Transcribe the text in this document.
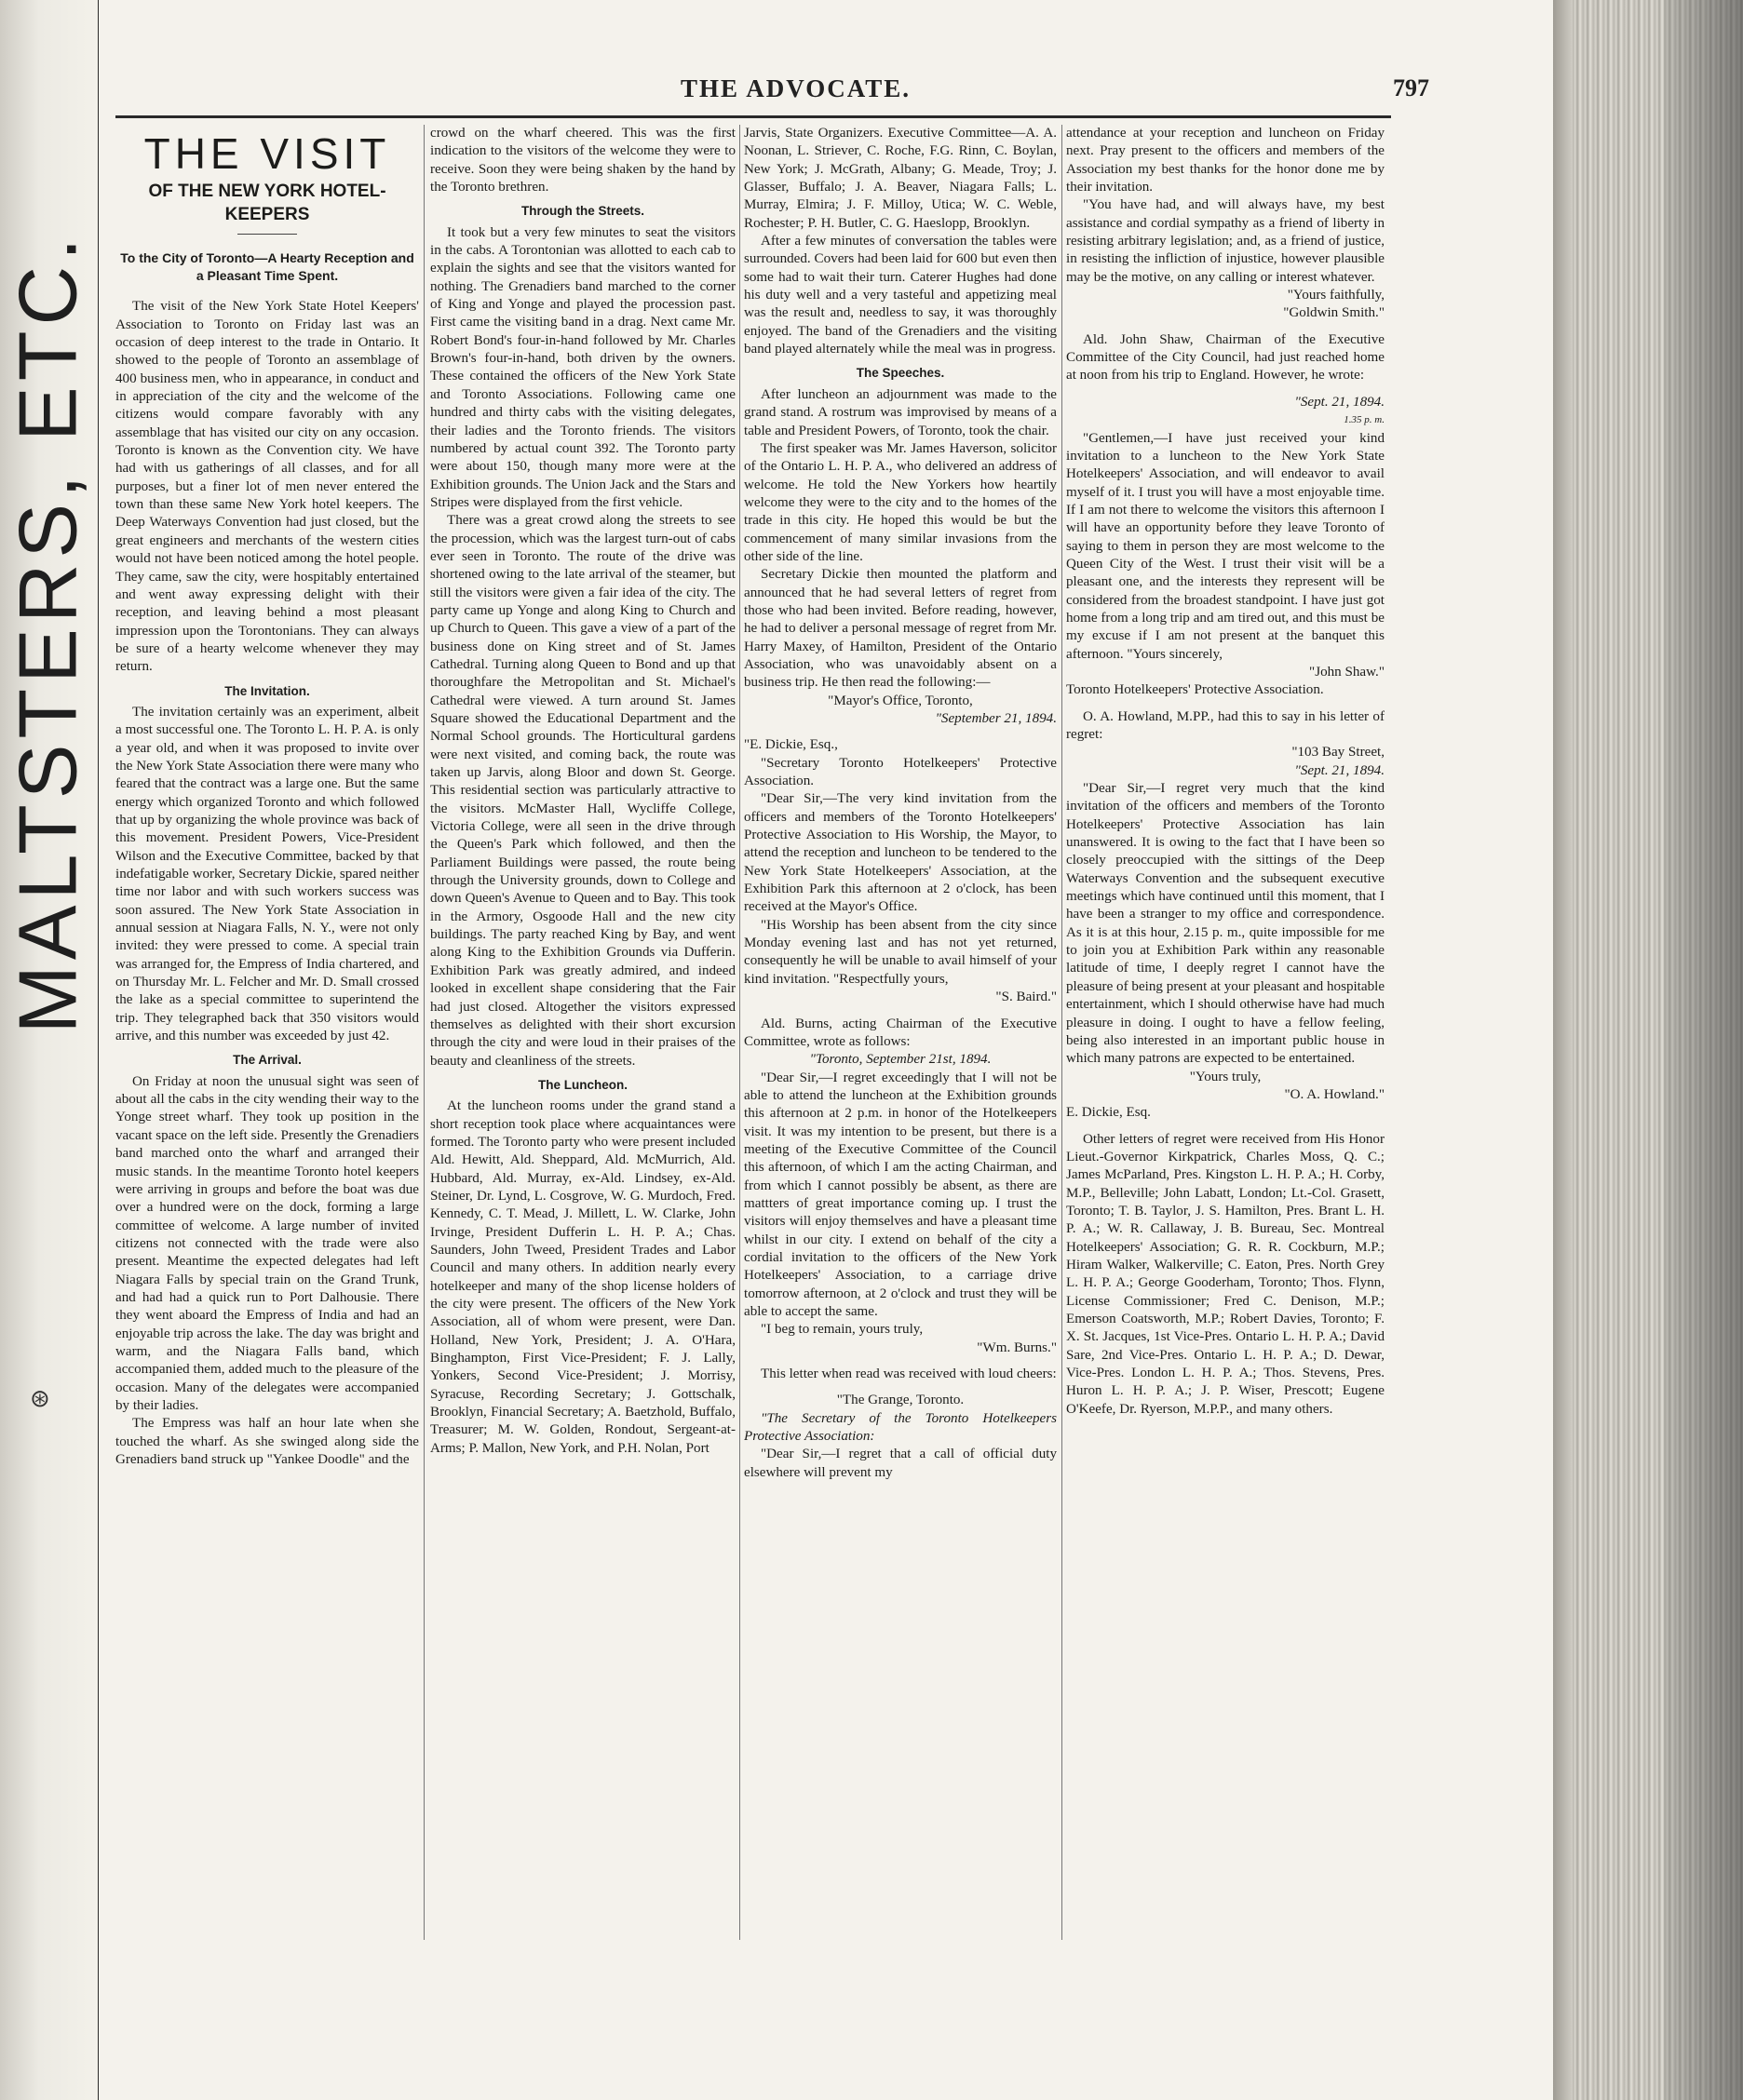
MALTSTERS, ETC.
⊛
THE ADVOCATE.	797
THE VISIT
OF THE NEW YORK HOTEL-KEEPERS
To the City of Toronto—A Hearty Reception and a Pleasant Time Spent.

The visit of the New York State Hotel Keepers' Association to Toronto on Friday last was an occasion of deep interest to the trade in Ontario. It showed to the people of Toronto an assemblage of 400 business men, who in appearance, in conduct and in appreciation of the city and the welcome of the citizens would compare favorably with any assemblage that has visited our city on any occasion. Toronto is known as the Convention city. We have had with us gatherings of all classes, and for all purposes, but a finer lot of men never entered the town than these same New York hotel keepers. The Deep Waterways Convention had just closed, but the great engineers and merchants of the western cities would not have been noticed among the hotel people. They came, saw the city, were hospitably entertained and went away expressing delight with their reception, and leaving behind a most pleasant impression upon the Torontonians. They can always be sure of a hearty welcome whenever they may return.

The Invitation.

The invitation certainly was an experiment, albeit a most successful one. The Toronto L. H. P. A. is only a year old, and when it was proposed to invite over the New York State Association there were many who feared that the contract was a large one. But the same energy which organized Toronto and which followed that up by organizing the whole province was back of this movement. President Powers, Vice-President Wilson and the Executive Committee, backed by that indefatigable worker, Secretary Dickie, spared neither time nor labor and with such workers success was soon assured. The New York State Association in annual session at Niagara Falls, N. Y., were not only invited: they were pressed to come. A special train was arranged for, the Empress of India chartered, and on Thursday Mr. L. Felcher and Mr. D. Small crossed the lake as a special committee to superintend the trip. They telegraphed back that 350 visitors would arrive, and this number was exceeded by just 42.

The Arrival.

On Friday at noon the unusual sight was seen of about all the cabs in the city wending their way to the Yonge street wharf. They took up position in the vacant space on the left side. Presently the Grenadiers band marched onto the wharf and arranged their music stands. In the meantime Toronto hotel keepers were arriving in groups and before the boat was due over a hundred were on the dock, forming a large committee of welcome. A large number of invited citizens not connected with the trade were also present. Meantime the expected delegates had left Niagara Falls by special train on the Grand Trunk, and had had a quick run to Port Dalhousie. There they went aboard the Empress of India and had an enjoyable trip across the lake. The day was bright and warm, and the Niagara Falls band, which accompanied them, added much to the pleasure of the occasion. Many of the delegates were accompanied by their ladies.

The Empress was half an hour late when she touched the wharf. As she swinged along side the Grenadiers band struck up "Yankee Doodle" and the

crowd on the wharf cheered. This was the first indication to the visitors of the welcome they were to receive. Soon they were being shaken by the hand by the Toronto brethren.

Through the Streets.

It took but a very few minutes to seat the visitors in the cabs. A Torontonian was allotted to each cab to explain the sights and see that the visitors wanted for nothing. The Grenadiers band marched to the corner of King and Yonge and played the procession past. First came the visiting band in a drag. Next came Mr. Robert Bond's four-in-hand followed by Mr. Charles Brown's four-in-hand, both driven by the owners. These contained the officers of the New York State and Toronto Associations. Following came one hundred and thirty cabs with the visiting delegates, their ladies and the Toronto friends. The visitors numbered by actual count 392. The Toronto party were about 150, though many more were at the Exhibition grounds. The Union Jack and the Stars and Stripes were displayed from the first vehicle.

There was a great crowd along the streets to see the procession, which was the largest turn-out of cabs ever seen in Toronto. The route of the drive was shortened owing to the late arrival of the steamer, but still the visitors were given a fair idea of the city. The party came up Yonge and along King to Church and up Church to Queen. This gave a view of a part of the business done on King street and of St. James Cathedral. Turning along Queen to Bond and up that thoroughfare the Metropolitan and St. Michael's Cathedral were viewed. A turn around St. James Square showed the Educational Department and the Normal School grounds. The Horticultural gardens were next visited, and coming back, the route was taken up Jarvis, along Bloor and down St. George. This residential section was particularly attractive to the visitors. McMaster Hall, Wycliffe College, Victoria College, were all seen in the drive through the Queen's Park which followed, and then the Parliament Buildings were passed, the route being through the University grounds, down to College and down Queen's Avenue to Queen and to Bay. This took in the Armory, Osgoode Hall and the new city buildings. The party reached King by Bay, and went along King to the Exhibition Grounds via Dufferin. Exhibition Park was greatly admired, and indeed looked in excellent shape considering that the Fair had just closed. Altogether the visitors expressed themselves as delighted with their short excursion through the city and were loud in their praises of the beauty and cleanliness of the streets.

The Luncheon.

At the luncheon rooms under the grand stand a short reception took place where acquaintances were formed. The Toronto party who were present included Ald. Hewitt, Ald. Sheppard, Ald. McMurrich, Ald. Hubbard, Ald. Murray, ex-Ald. Lindsey, ex-Ald. Steiner, Dr. Lynd, L. Cosgrove, W. G. Murdoch, Fred. Kennedy, C. T. Mead, J. Millett, L. W. Clarke, John Irvinge, President Dufferin L. H. P. A.; Chas. Saunders, John Tweed, President Trades and Labor Council and many others. In addition nearly every hotelkeeper and many of the shop license holders of the city were present. The officers of the New York Association, all of whom were present, were Dan. Holland, New York, President; J. A. O'Hara, Binghampton, First Vice-President; F. J. Lally, Yonkers, Second Vice-President; J. Morrisy, Syracuse, Recording Secretary; J. Gottschalk, Brooklyn, Financial Secretary; A. Baetzhold, Buffalo, Treasurer; M. W. Golden, Rondout, Sergeant-at-Arms; P. Mallon, New York, and P.H. Nolan, Port

Jarvis, State Organizers. Executive Committee—A. A. Noonan, L. Striever, C. Roche, F.G. Rinn, C. Boylan, New York; J. McGrath, Albany; G. Meade, Troy; J. Glasser, Buffalo; J. A. Beaver, Niagara Falls; L. Murray, Elmira; J. F. Milloy, Utica; W. C. Weble, Rochester; P. H. Butler, C. G. Haeslopp, Brooklyn.

After a few minutes of conversation the tables were surrounded. Covers had been laid for 600 but even then some had to wait their turn. Caterer Hughes had done his duty well and a very tasteful and appetizing meal was the result and, needless to say, it was thoroughly enjoyed. The band of the Grenadiers and the visiting band played alternately while the meal was in progress.

The Speeches.

After luncheon an adjournment was made to the grand stand. A rostrum was improvised by means of a table and President Powers, of Toronto, took the chair.

The first speaker was Mr. James Haverson, solicitor of the Ontario L. H. P. A., who delivered an address of welcome. He told the New Yorkers how heartily welcome they were to the city and to the homes of the trade in this city. He hoped this would be but the commencement of many similar invasions from the other side of the line.

Secretary Dickie then mounted the platform and announced that he had several letters of regret from those who had been invited. Before reading, however, he had to deliver a personal message of regret from Mr. Harry Maxey, of Hamilton, President of the Ontario Association, who was unavoidably absent on a business trip. He then read the following:—

"Mayor's Office, Toronto,

"September 21, 1894.

"E. Dickie, Esq.,

"Secretary Toronto Hotelkeepers' Protective Association.

"Dear Sir,—The very kind invitation from the officers and members of the Toronto Hotelkeepers' Protective Association to His Worship, the Mayor, to attend the reception and luncheon to be tendered to the New York State Hotelkeepers' Association, at the Exhibition Park this afternoon at 2 o'clock, has been received at the Mayor's Office.

"His Worship has been absent from the city since Monday evening last and has not yet returned, consequently he will be unable to avail himself of your kind invitation. "Respectfully yours,

"S. Baird."

Ald. Burns, acting Chairman of the Executive Committee, wrote as follows:

"Toronto, September 21st, 1894.

"Dear Sir,—I regret exceedingly that I will not be able to attend the luncheon at the Exhibition grounds this afternoon at 2 p.m. in honor of the Hotelkeepers visit. It was my intention to be present, but there is a meeting of the Executive Committee of the Council this afternoon, of which I am the acting Chairman, and from which I cannot possibly be absent, as there are mattters of great importance coming up. I trust the visitors will enjoy themselves and have a pleasant time whilst in our city. I extend on behalf of the city a cordial invitation to the officers of the New York Hotelkeepers' Association, to a carriage drive tomorrow afternoon, at 2 o'clock and trust they will be able to accept the same.

"I beg to remain, yours truly,

"Wm. Burns."

This letter when read was received with loud cheers:

"The Grange, Toronto.

"The Secretary of the Toronto Hotelkeepers Protective Association:

"Dear Sir,—I regret that a call of official duty elsewhere will prevent my

attendance at your reception and luncheon on Friday next. Pray present to the officers and members of the Association my best thanks for the honor done me by their invitation.

"You have had, and will always have, my best assistance and cordial sympathy as a friend of liberty in resisting arbitrary legislation; and, as a friend of justice, in resisting the infliction of injustice, however plausible may be the motive, on any calling or interest whatever.

"Yours faithfully,

"Goldwin Smith."

Ald. John Shaw, Chairman of the Executive Committee of the City Council, had just reached home at noon from his trip to England. However, he wrote:

"Sept. 21, 1894.

1.35 p. m.

"Gentlemen,—I have just received your kind invitation to a luncheon to the New York State Hotelkeepers' Association, and will endeavor to avail myself of it. I trust you will have a most enjoyable time. If I am not there to welcome the visitors this afternoon I will have an opportunity before they leave Toronto of saying to them in person they are most welcome to the Queen City of the West. I trust their visit will be a pleasant one, and the interests they represent will be considered from the broadest standpoint. I have just got home from a long trip and am tired out, and this must be my excuse if I am not present at the banquet this afternoon. "Yours sincerely,

"John Shaw."

Toronto Hotelkeepers' Protective Association.

O. A. Howland, M.PP., had this to say in his letter of regret:

"103 Bay Street,

"Sept. 21, 1894.

"Dear Sir,—I regret very much that the kind invitation of the officers and members of the Toronto Hotelkeepers' Protective Association has lain unanswered. It is owing to the fact that I have been so closely preoccupied with the sittings of the Deep Waterways Convention and the subsequent executive meetings which have continued until this moment, that I have been a stranger to my office and correspondence. As it is at this hour, 2.15 p. m., quite impossible for me to join you at Exhibition Park within any reasonable latitude of time, I deeply regret I cannot have the pleasure of being present at your pleasant and hospitable entertainment, which I should otherwise have had much pleasure in doing. I ought to have a fellow feeling, being also interested in an important public house in which many patrons are expected to be entertained.

"Yours truly,

"O. A. Howland."

E. Dickie, Esq.

Other letters of regret were received from His Honor Lieut.-Governor Kirkpatrick, Charles Moss, Q. C.; James McParland, Pres. Kingston L. H. P. A.; H. Corby, M.P., Belleville; John Labatt, London; Lt.-Col. Grasett, Toronto; T. B. Taylor, J. S. Hamilton, Pres. Brant L. H. P. A.; W. R. Callaway, J. B. Bureau, Sec. Montreal Hotelkeepers' Association; G. R. R. Cockburn, M.P.; Hiram Walker, Walkerville; C. Eaton, Pres. North Grey L. H. P. A.; George Gooderham, Toronto; Thos. Flynn, License Commissioner; Fred C. Denison, M.P.; Emerson Coatsworth, M.P.; Robert Davies, Toronto; F. X. St. Jacques, 1st Vice-Pres. Ontario L. H. P. A.; David Sare, 2nd Vice-Pres. Ontario L. H. P. A.; D. Dewar, Vice-Pres. London L. H. P. A.; Thos. Stevens, Pres. Huron L. H. P. A.; J. P. Wiser, Prescott; Eugene O'Keefe, Dr. Ryerson, M.P.P., and many others.
